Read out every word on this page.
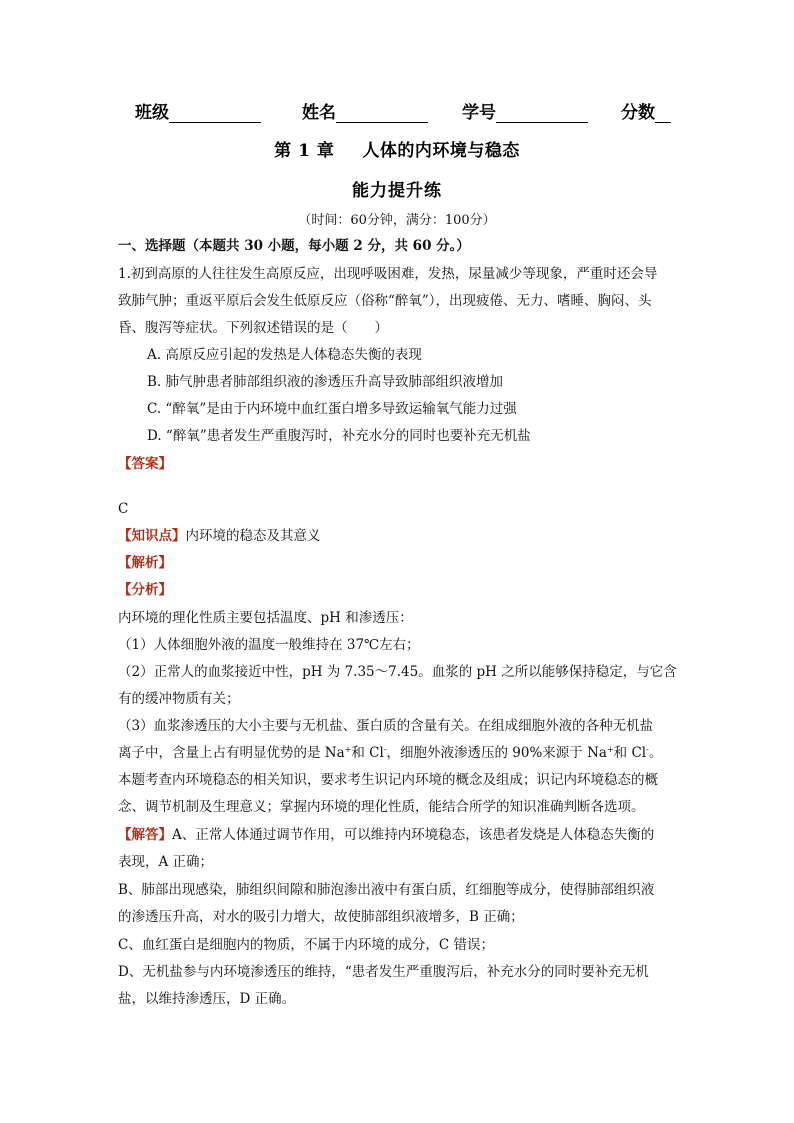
班级	姓名	学号	分数
第 1 章 人体的内环境与稳态
能力提升练
（时间：60分钟，满分：100分）
一、选择题（本题共 30 小题，每小题 2 分，共 60 分。）
1.初到高原的人往往发生高原反应，出现呼吸困难，发热，尿量减少等现象，严重时还会导
致肺气肿；重返平原后会发生低原反应（俗称“醉氧”），出现疲倦、无力、嗜睡、胸闷、头
昏、腹泻等症状。下列叙述错误的是（　　）
A. 高原反应引起的发热是人体稳态失衡的表现
B. 肺气肿患者肺部组织液的渗透压升高导致肺部组织液增加
C. “醉氧”是由于内环境中血红蛋白增多导致运输氧气能力过强
D. “醉氧”患者发生严重腹泻时，补充水分的同时也要补充无机盐
【答案】
C
【知识点】内环境的稳态及其意义
【解析】
【分析】
内环境的理化性质主要包括温度、pH 和渗透压：
（1）人体细胞外液的温度一般维持在 37℃左右；
（2）正常人的血浆接近中性，pH 为 7.35～7.45。血浆的 pH 之所以能够保持稳定，与它含
有的缓冲物质有关；
（3）血浆渗透压的大小主要与无机盐、蛋白质的含量有关。在组成细胞外液的各种无机盐
离子中，含量上占有明显优势的是 Na+和 Cl-，细胞外液渗透压的 90%来源于 Na+和 Cl-。
本题考查内环境稳态的相关知识，要求考生识记内环境的概念及组成；识记内环境稳态的概
念、调节机制及生理意义；掌握内环境的理化性质，能结合所学的知识准确判断各选项。
【解答】A、正常人体通过调节作用，可以维持内环境稳态，该患者发烧是人体稳态失衡的
表现，A 正确；
B、肺部出现感染，肺组织间隙和肺泡渗出液中有蛋白质，红细胞等成分，使得肺部组织液
的渗透压升高，对水的吸引力增大，故使肺部组织液增多，B 正确；
C、血红蛋白是细胞内的物质，不属于内环境的成分，C 错误；
D、无机盐参与内环境渗透压的维持，“患者发生严重腹泻后，补充水分的同时要补充无机
盐，以维持渗透压，D 正确。
